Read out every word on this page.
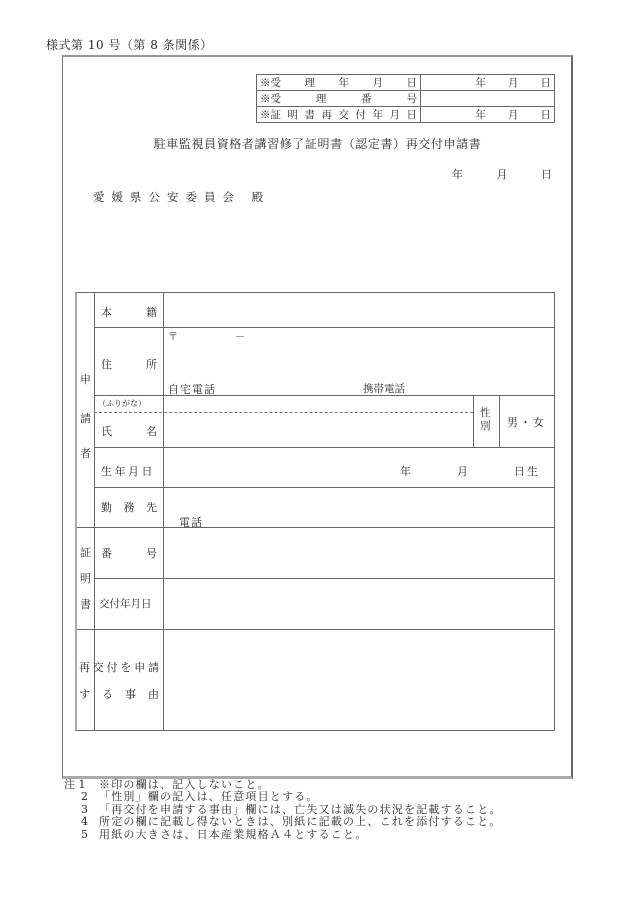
様式第 10 号（第 8 条関係）
※受 理 年 月 日	年 月 日

※受 理 番 号	

※証 明 書 再 交 付 年 月 日	年 月 日
駐車監視員資格者講習修了証明書（認定書）再交付申請書
年	月	日
愛媛県公安委員会 殿
申
請
者
本	籍
住	所
〒	－
自宅電話	携帯電話
（ふりがな）
氏	名
性
別 男・女
生年月日	年	月	日生
勤 務 先
電話
証
明
書
番	号
交付年月日
再 交 付 を 申 請
す る 事 由
注 1	※印の欄は、記入しないこと。
2	「性別」欄の記入は、任意項目とする。
3	「再交付を申請する事由」欄には、亡失又は滅失の状況を記載すること。
4	所定の欄に記載し得ないときは、別紙に記載の上、これを添付すること。
5	用紙の大きさは、日本産業規格Ａ４とすること。
